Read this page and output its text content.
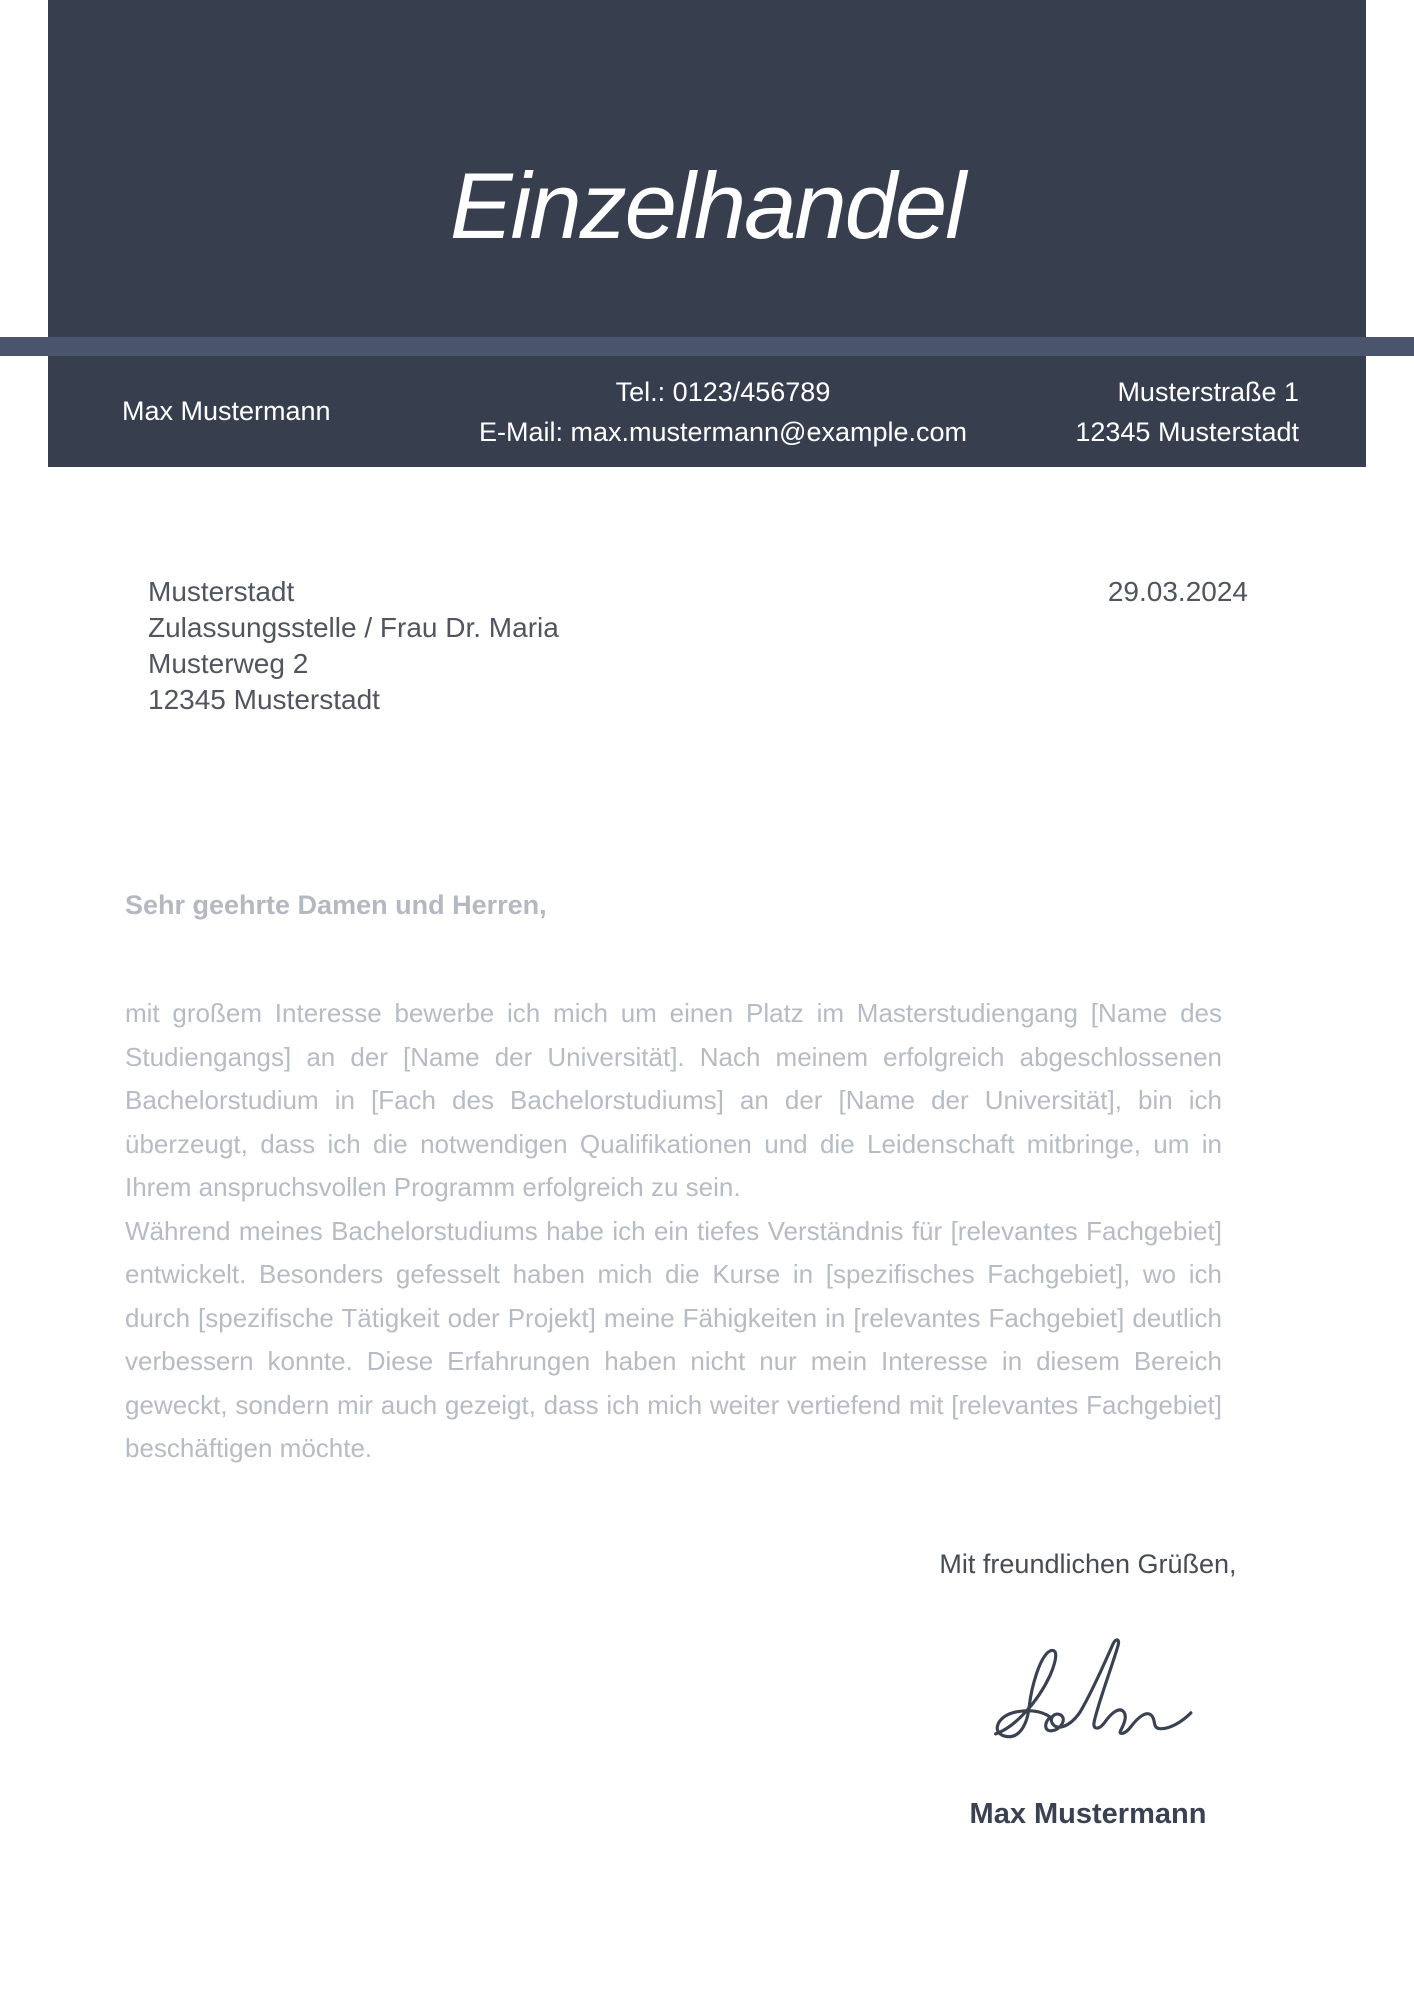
Einzelhandel
Max Mustermann
Tel.: 0123/456789
E-Mail: max.mustermann@example.com
Musterstraße 1
12345 Musterstadt
Musterstadt
Zulassungsstelle / Frau Dr. Maria
Musterweg 2
12345 Musterstadt
29.03.2024
Sehr geehrte Damen und Herren,

mit großem Interesse bewerbe ich mich um einen Platz im Masterstudiengang [Name des Studiengangs] an der [Name der Universität]. Nach meinem erfolgreich abgeschlossenen Bachelorstudium in [Fach des Bachelorstudiums] an der [Name der Universität], bin ich überzeugt, dass ich die notwendigen Qualifikationen und die Leidenschaft mitbringe, um in Ihrem anspruchsvollen Programm erfolgreich zu sein.

Während meines Bachelorstudiums habe ich ein tiefes Verständnis für [relevantes Fachgebiet] entwickelt. Besonders gefesselt haben mich die Kurse in [spezifisches Fachgebiet], wo ich durch [spezifische Tätigkeit oder Projekt] meine Fähigkeiten in [relevantes Fachgebiet] deutlich verbessern konnte. Diese Erfahrungen haben nicht nur mein Interesse in diesem Bereich geweckt, sondern mir auch gezeigt, dass ich mich weiter vertiefend mit [relevantes Fachgebiet] beschäftigen möchte.

Mit freundlichen Grüßen,
Max Mustermann
